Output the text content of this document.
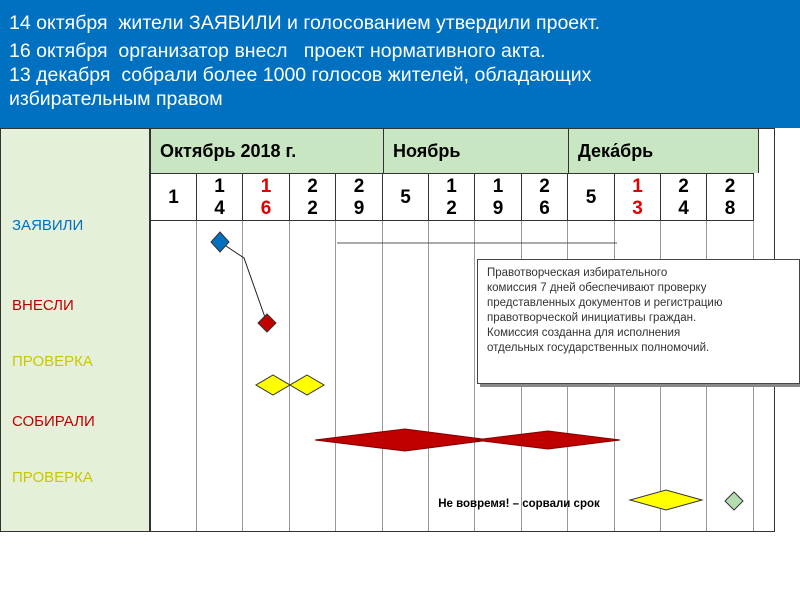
14 октября  жители ЗАЯВИЛИ и голосованием утвердили проект.
16 октября  организатор внесл   проект нормативного акта.
13 декабря  собрали более 1000 голосов жителей, обладающих
избирательным правом
ЗАЯВИЛИ
ВНЕСЛИ
ПРОВЕРКА
СОБИРАЛИ
ПРОВЕРКА
Октябрь 2018 г.	Ноябрь	Дека́брь
1
14
16
22
29
5
12
19
26
5
13
24
28
Правотворческая избирательного
комиссия 7 дней обеспечивают проверку
представленных документов и регистрацию
правотворческой инициативы граждан.
Комиссия созданна для исполнения
отдельных государственных полномочий.
Не вовремя! – сорвали срок
